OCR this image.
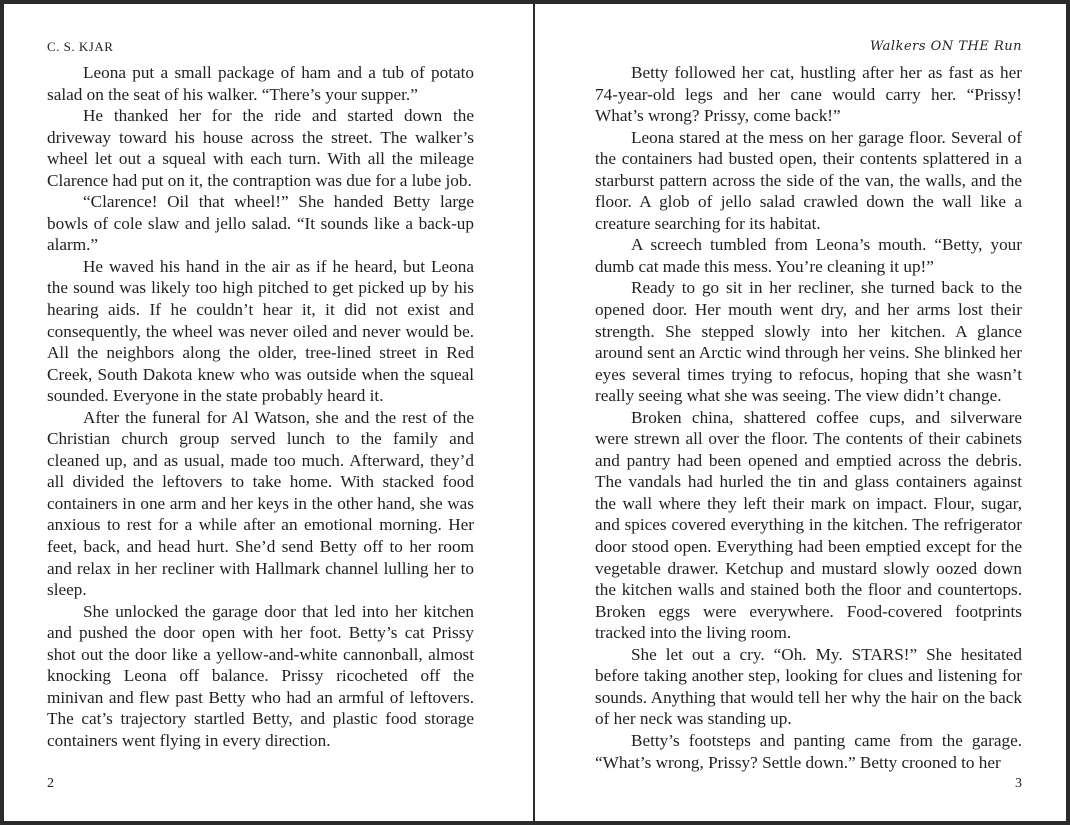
C. S. KJAR

Leona put a small package of ham and a tub of potato salad on the seat of his walker. “There’s your supper.”

He thanked her for the ride and started down the driveway toward his house across the street. The walker’s wheel let out a squeal with each turn. With all the mileage Clarence had put on it, the contraption was due for a lube job.

“Clarence! Oil that wheel!” She handed Betty large bowls of cole slaw and jello salad. “It sounds like a back-up alarm.”

He waved his hand in the air as if he heard, but Leona the sound was likely too high pitched to get picked up by his hearing aids. If he couldn’t hear it, it did not exist and consequently, the wheel was never oiled and never would be. All the neighbors along the older, tree-lined street in Red Creek, South Dakota knew who was outside when the squeal sounded. Everyone in the state probably heard it.

After the funeral for Al Watson, she and the rest of the Christian church group served lunch to the family and cleaned up, and as usual, made too much. Afterward, they’d all divided the leftovers to take home. With stacked food containers in one arm and her keys in the other hand, she was anxious to rest for a while after an emotional morning. Her feet, back, and head hurt. She’d send Betty off to her room and relax in her recliner with Hallmark channel lulling her to sleep.

She unlocked the garage door that led into her kitchen and pushed the door open with her foot. Betty’s cat Prissy shot out the door like a yellow-and-white cannonball, almost knocking Leona off balance. Prissy ricocheted off the minivan and flew past Betty who had an armful of leftovers. The cat’s trajectory startled Betty, and plastic food storage containers went flying in every direction.

2
Walkers ON THE Run

Betty followed her cat, hustling after her as fast as her 74-year-old legs and her cane would carry her. “Prissy! What’s wrong? Prissy, come back!”

Leona stared at the mess on her garage floor. Several of the containers had busted open, their contents splattered in a starburst pattern across the side of the van, the walls, and the floor. A glob of jello salad crawled down the wall like a creature searching for its habitat.

A screech tumbled from Leona’s mouth. “Betty, your dumb cat made this mess. You’re cleaning it up!”

Ready to go sit in her recliner, she turned back to the opened door. Her mouth went dry, and her arms lost their strength. She stepped slowly into her kitchen. A glance around sent an Arctic wind through her veins. She blinked her eyes several times trying to refocus, hoping that she wasn’t really seeing what she was seeing. The view didn’t change.

Broken china, shattered coffee cups, and silverware were strewn all over the floor. The contents of their cabinets and pantry had been opened and emptied across the debris. The vandals had hurled the tin and glass containers against the wall where they left their mark on impact. Flour, sugar, and spices covered everything in the kitchen. The refrigerator door stood open. Everything had been emptied except for the vegetable drawer. Ketchup and mustard slowly oozed down the kitchen walls and stained both the floor and countertops. Broken eggs were everywhere. Food-covered footprints tracked into the living room.

She let out a cry. “Oh. My. STARS!” She hesitated before taking another step, looking for clues and listening for sounds. Anything that would tell her why the hair on the back of her neck was standing up.

Betty’s footsteps and panting came from the garage. “What’s wrong, Prissy? Settle down.” Betty crooned to her

3
